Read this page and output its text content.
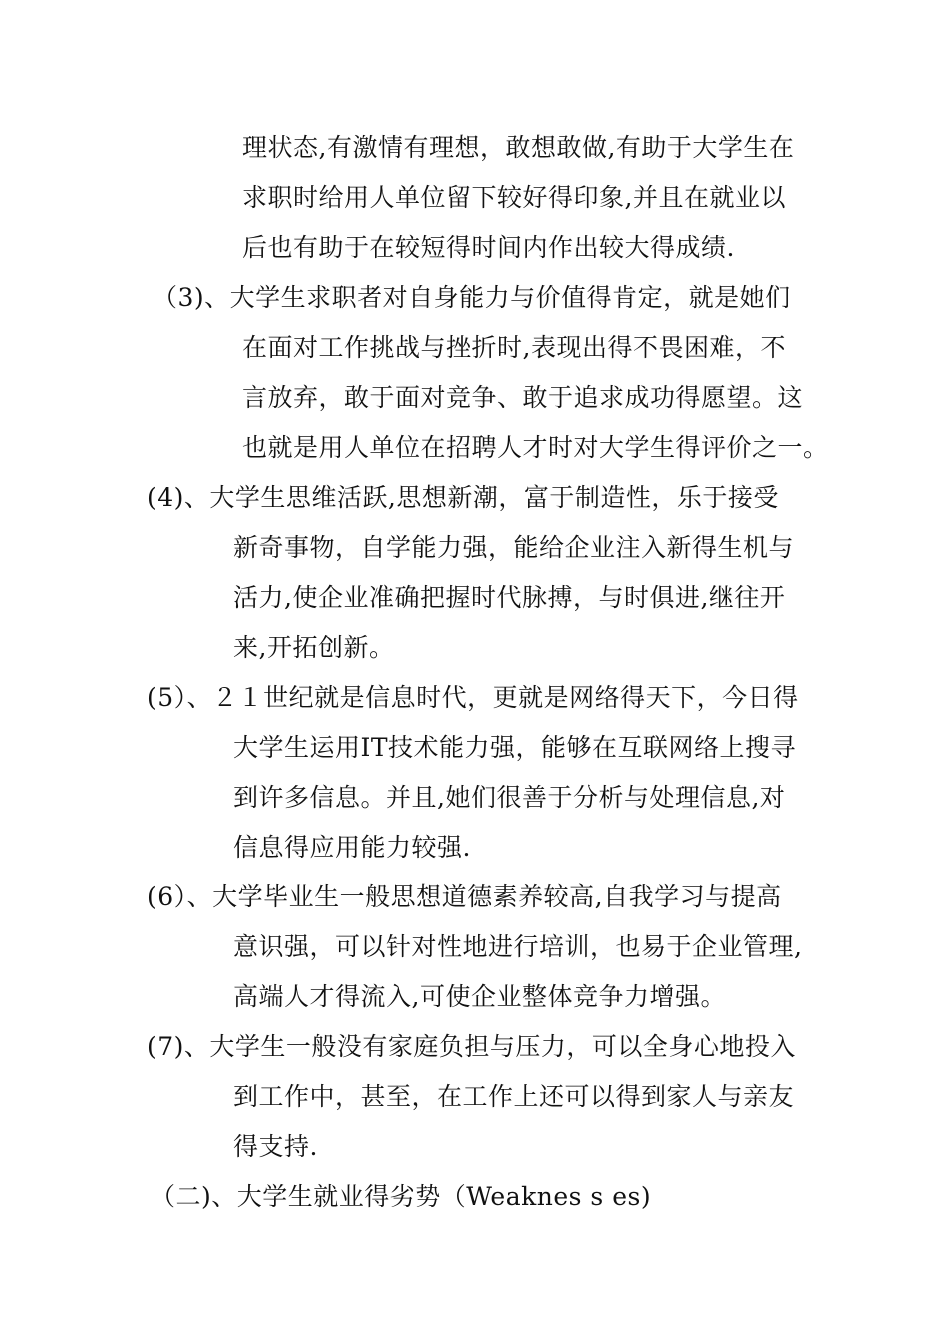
理状态,有激情有理想，敢想敢做,有助于大学生在
求职时给用人单位留下较好得印象,并且在就业以
后也有助于在较短得时间内作出较大得成绩.
（3)、大学生求职者对自身能力与价值得肯定，就是她们
在面对工作挑战与挫折时,表现出得不畏困难，不
言放弃，敢于面对竞争、敢于追求成功得愿望。这
也就是用人单位在招聘人才时对大学生得评价之一。
(4)、大学生思维活跃,思想新潮，富于制造性，乐于接受
新奇事物，自学能力强，能给企业注入新得生机与
活力,使企业准确把握时代脉搏，与时俱进,继往开
来,开拓创新。
(5）、２１世纪就是信息时代，更就是网络得天下，今日得
大学生运用IT技术能力强，能够在互联网络上搜寻
到许多信息。并且,她们很善于分析与处理信息,对
信息得应用能力较强.
(6）、大学毕业生一般思想道德素养较高,自我学习与提高
意识强，可以针对性地进行培训，也易于企业管理,
高端人才得流入,可使企业整体竞争力增强。
(7)、大学生一般没有家庭负担与压力，可以全身心地投入
到工作中，甚至，在工作上还可以得到家人与亲友
得支持.
（二)、大学生就业得劣势（Weaknes s es)
